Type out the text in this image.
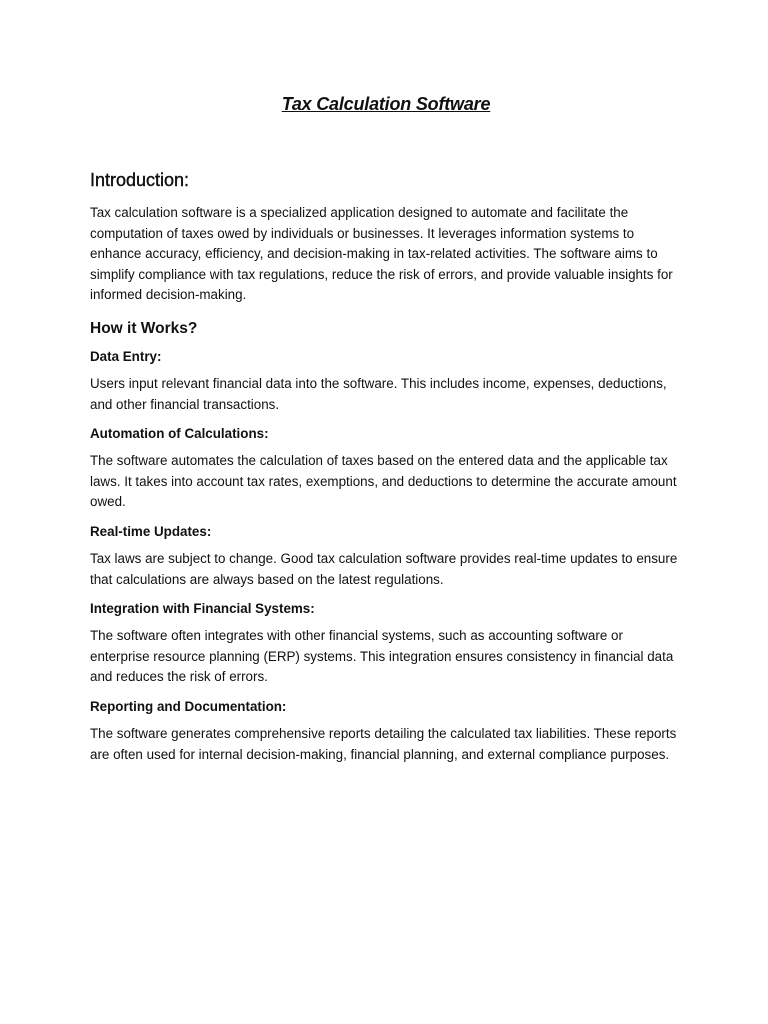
Tax Calculation Software
Introduction:

Tax calculation software is a specialized application designed to automate and facilitate the computation of taxes owed by individuals or businesses. It leverages information systems to enhance accuracy, efficiency, and decision-making in tax-related activities. The software aims to simplify compliance with tax regulations, reduce the risk of errors, and provide valuable insights for informed decision-making.

How it Works?
Data Entry:

Users input relevant financial data into the software. This includes income, expenses, deductions, and other financial transactions.

Automation of Calculations:

The software automates the calculation of taxes based on the entered data and the applicable tax laws. It takes into account tax rates, exemptions, and deductions to determine the accurate amount owed.

Real-time Updates:

Tax laws are subject to change. Good tax calculation software provides real-time updates to ensure that calculations are always based on the latest regulations.

Integration with Financial Systems:

The software often integrates with other financial systems, such as accounting software or enterprise resource planning (ERP) systems. This integration ensures consistency in financial data and reduces the risk of errors.

Reporting and Documentation:

The software generates comprehensive reports detailing the calculated tax liabilities. These reports are often used for internal decision-making, financial planning, and external compliance purposes.
